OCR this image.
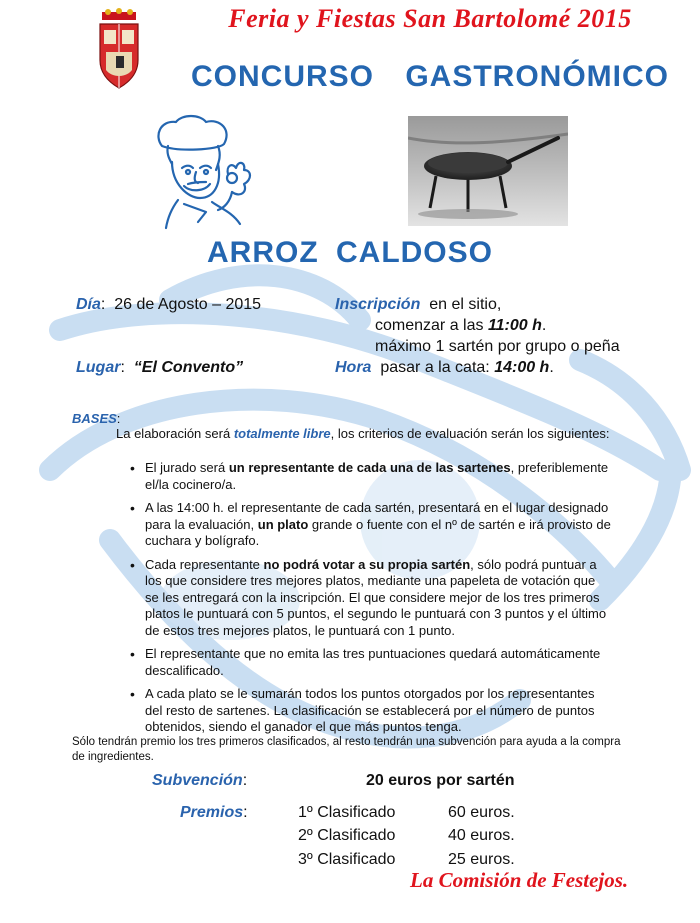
Feria y Fiestas San Bartolomé 2015
CONCURSO GASTRONÓMICO
ARROZ CALDOSO
Día:  26 de Agosto – 2015
Lugar:  “El Convento”
Inscripción en el sitio,
comenzar a las 11:00 h.
máximo 1 sartén por grupo o peña
Hora pasar a la cata: 14:00 h.
BASES:
La elaboración será totalmente libre, los criterios de evaluación serán los siguientes:
• El jurado será un representante de cada una de las sartenes, preferiblemente el/la cocinero/a.
• A las 14:00 h. el representante de cada sartén, presentará en el lugar designado para la evaluación, un plato grande o fuente con el nº de sartén e irá provisto de cuchara y bolígrafo.
• Cada representante no podrá votar a su propia sartén, sólo podrá puntuar a los que considere tres mejores platos, mediante una papeleta de votación que se les entregará con la inscripción. El que considere mejor de los tres primeros platos le puntuará con 5 puntos, el segundo le puntuará con 3 puntos y el último de estos tres mejores platos, le puntuará con 1 punto.
• El representante que no emita las tres puntuaciones quedará automáticamente descalificado.
• A cada plato se le sumarán todos los puntos otorgados por los representantes del resto de sartenes. La clasificación se establecerá por el número de puntos obtenidos, siendo el ganador el que más puntos tenga.
Sólo tendrán premio los tres primeros clasificados, al resto tendrán una subvención para ayuda a la compra de ingredientes.
Subvención:	20 euros por sartén
Premios:	1º Clasificado	60 euros.
2º Clasificado	40 euros.
3º Clasificado	25 euros.
La Comisión de Festejos.
